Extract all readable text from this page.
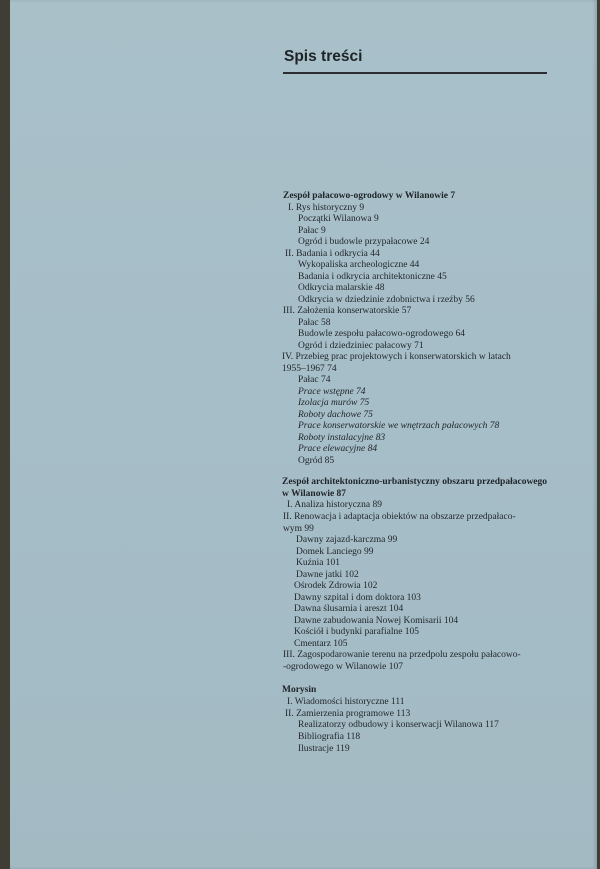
Spis treści
Zespół pałacowo-ogrodowy w Wilanowie 7
I. Rys historyczny 9
Początki Wilanowa 9
Pałac 9
Ogród i budowle przypałacowe 24
II. Badania i odkrycia 44
Wykopaliska archeologiczne 44
Badania i odkrycia architektoniczne 45
Odkrycia malarskie 48
Odkrycia w dziedzinie zdobnictwa i rzeźby 56
III. Założenia konserwatorskie 57
Pałac 58
Budowle zespołu pałacowo-ogrodowego 64
Ogród i dziedziniec pałacowy 71
IV. Przebieg prac projektowych i konserwatorskich w latach
1955–1967 74
Pałac 74
Prace wstępne 74
Izolacja murów 75
Roboty dachowe 75
Prace konserwatorskie we wnętrzach pałacowych 78
Roboty instalacyjne 83
Prace elewacyjne 84
Ogród 85
Zespół architektoniczno-urbanistyczny obszaru przedpałacowego
w Wilanowie 87
I. Analiza historyczna 89
II. Renowacja i adaptacja obiektów na obszarze przedpałaco-
wym 99
Dawny zajazd-karczma 99
Domek Lanciego 99
Kuźnia 101
Dawne jatki 102
Ośrodek Zdrowia 102
Dawny szpital i dom doktora 103
Dawna ślusarnia i areszt 104
Dawne zabudowania Nowej Komisarii 104
Kościół i budynki parafialne 105
Cmentarz 105
III. Zagospodarowanie terenu na przedpolu zespołu pałacowo-
-ogrodowego w Wilanowie 107
Morysin
I. Wiadomości historyczne 111
II. Zamierzenia programowe 113
Realizatorzy odbudowy i konserwacji Wilanowa 117
Bibliografia 118
Ilustracje 119
